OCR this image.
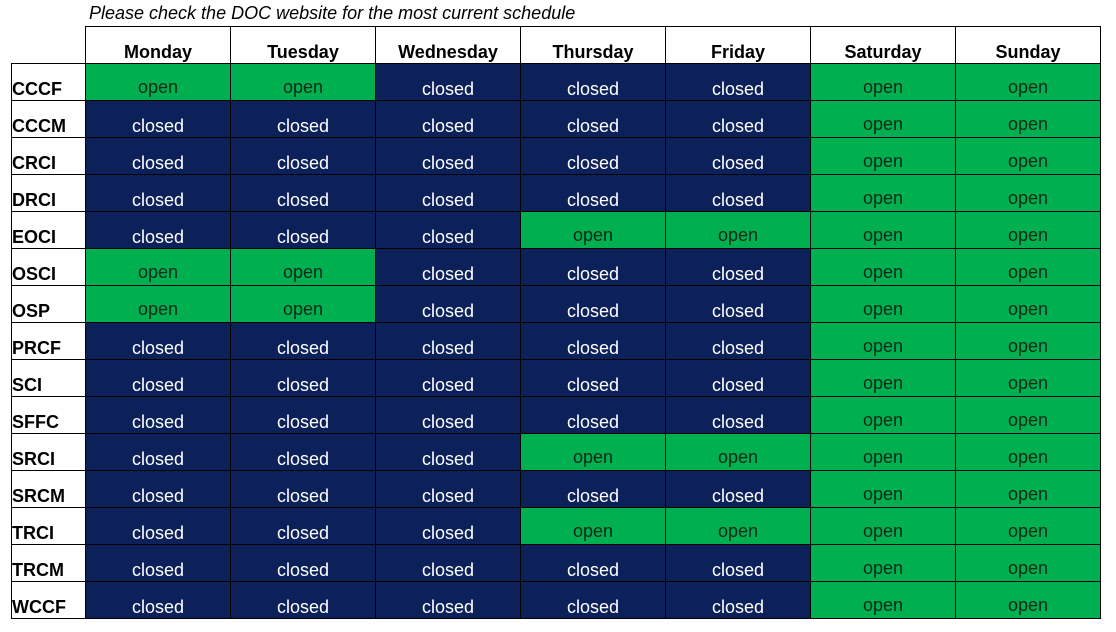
Please check the DOC website for the most current schedule
	Monday	Tuesday	Wednesday	Thursday	Friday	Saturday	Sunday
CCCF	open	open	closed	closed	closed	open	open
CCCM	closed	closed	closed	closed	closed	open	open
CRCI	closed	closed	closed	closed	closed	open	open
DRCI	closed	closed	closed	closed	closed	open	open
EOCI	closed	closed	closed	open	open	open	open
OSCI	open	open	closed	closed	closed	open	open
OSP	open	open	closed	closed	closed	open	open
PRCF	closed	closed	closed	closed	closed	open	open
SCI	closed	closed	closed	closed	closed	open	open
SFFC	closed	closed	closed	closed	closed	open	open
SRCI	closed	closed	closed	open	open	open	open
SRCM	closed	closed	closed	closed	closed	open	open
TRCI	closed	closed	closed	open	open	open	open
TRCM	closed	closed	closed	closed	closed	open	open
WCCF	closed	closed	closed	closed	closed	open	open
